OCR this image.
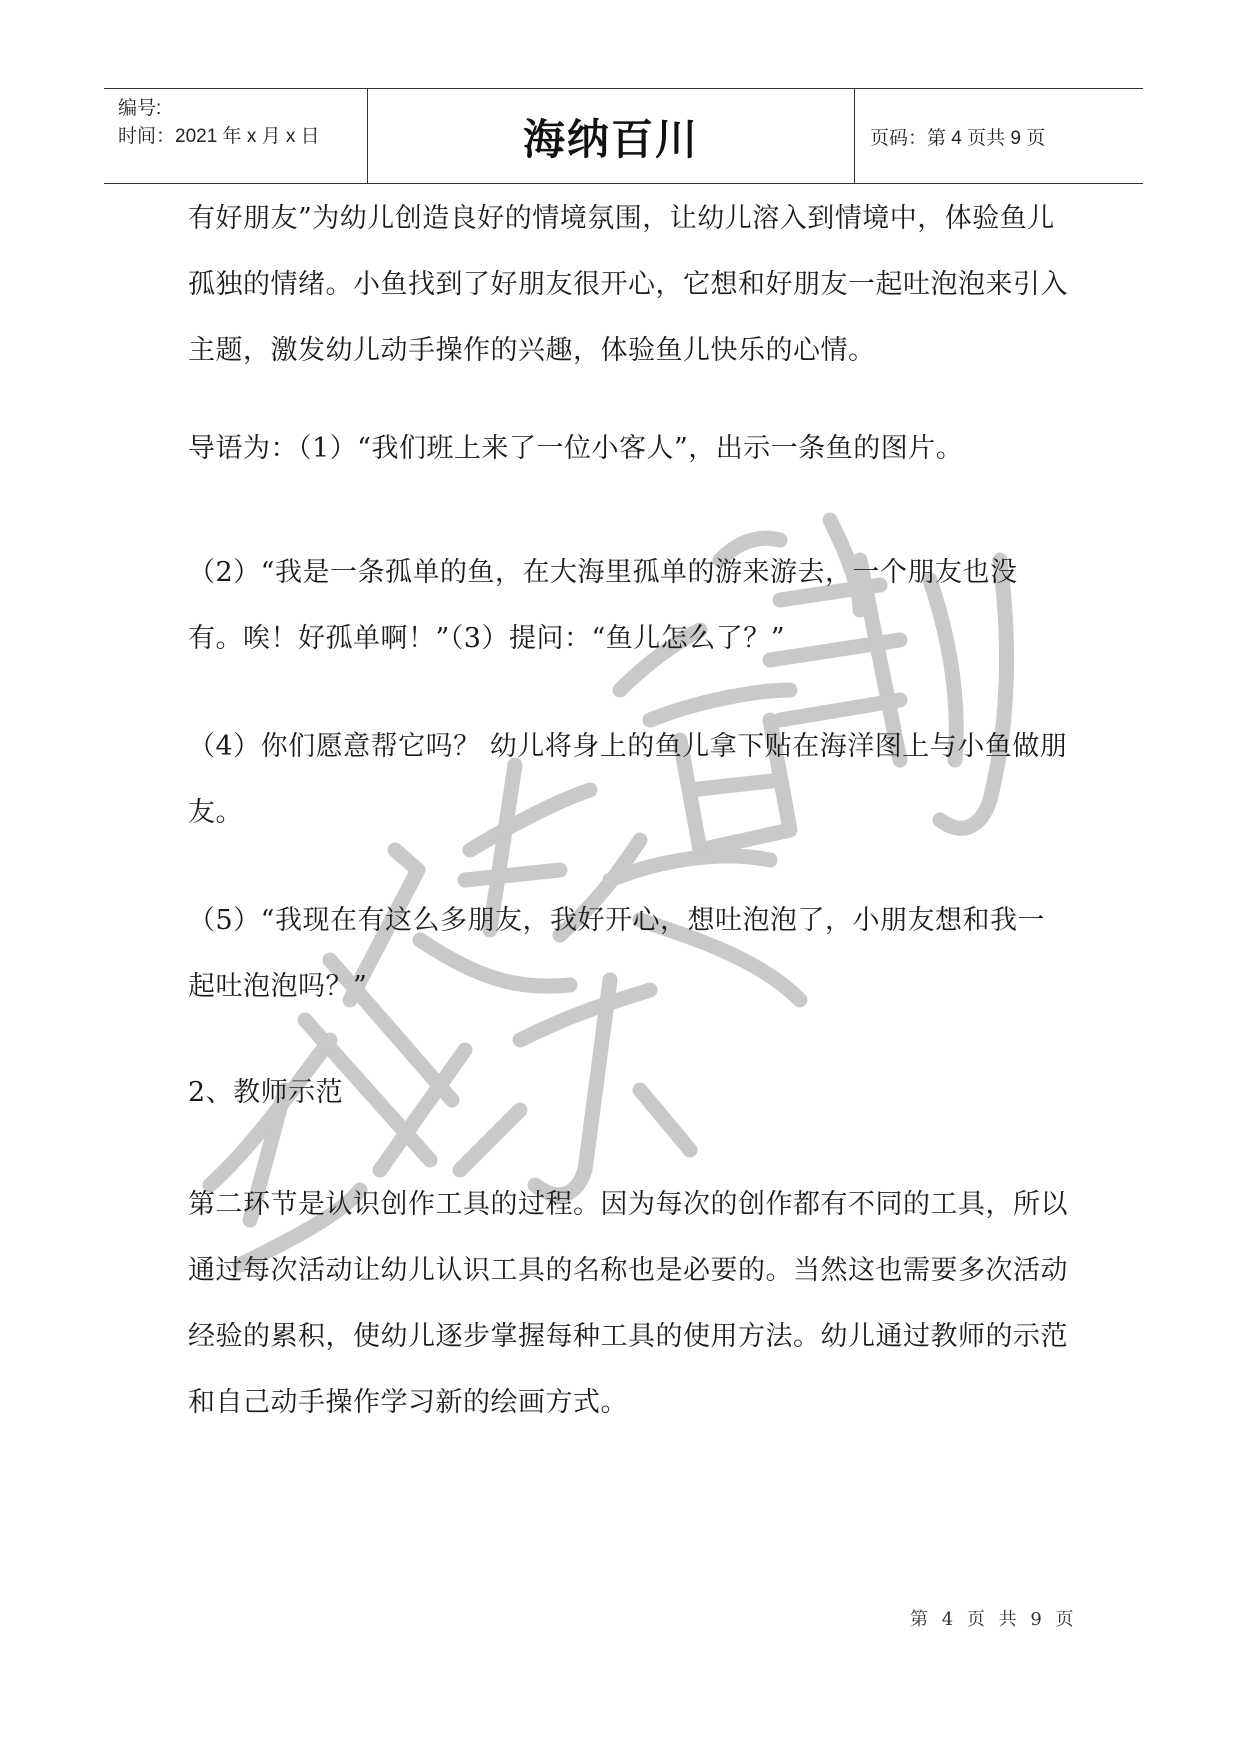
编号:
时间：2021 年 x 月 x 日	海纳百川	页码：第 4 页共 9 页

有好朋友”为幼儿创造良好的情境氛围，让幼儿溶入到情境中，体验鱼儿孤独的情绪。小鱼找到了好朋友很开心，它想和好朋友一起吐泡泡来引入主题，激发幼儿动手操作的兴趣，体验鱼儿快乐的心情。

导语为：（1）“我们班上来了一位小客人”，出示一条鱼的图片。

（2）“我是一条孤单的鱼，在大海里孤单的游来游去，一个朋友也没有。唉！好孤单啊！”（3）提问：“鱼儿怎么了？”

（4）你们愿意帮它吗？ 幼儿将身上的鱼儿拿下贴在海洋图上与小鱼做朋友。

（5）“我现在有这么多朋友，我好开心，想吐泡泡了，小朋友想和我一起吐泡泡吗？”

2、教师示范

第二环节是认识创作工具的过程。因为每次的创作都有不同的工具，所以通过每次活动让幼儿认识工具的名称也是必要的。当然这也需要多次活动经验的累积，使幼儿逐步掌握每种工具的使用方法。幼儿通过教师的示范和自己动手操作学习新的绘画方式。

第 4 页 共 9 页
